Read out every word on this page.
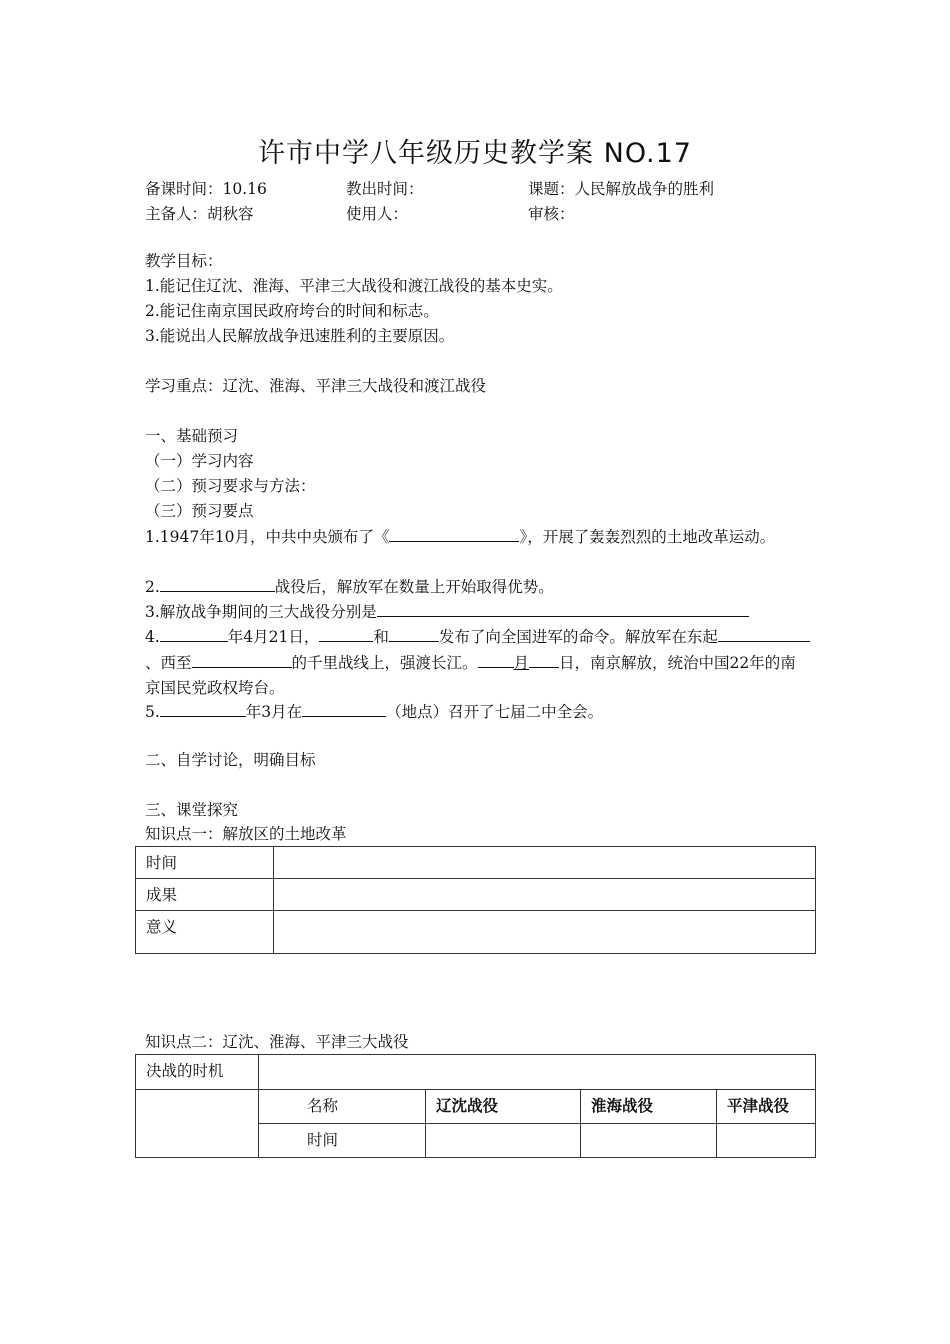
许市中学八年级历史教学案 NO.17
备课时间：10.16	教出时间：	课题：人民解放战争的胜利
主备人：胡秋容	使用人：	审核：
教学目标：
1.能记住辽沈、淮海、平津三大战役和渡江战役的基本史实。
2.能记住南京国民政府垮台的时间和标志。
3.能说出人民解放战争迅速胜利的主要原因。
学习重点：辽沈、淮海、平津三大战役和渡江战役
一、基础预习
（一）学习内容
（二）预习要求与方法：
（三）预习要点
1.1947年10月，中共中央颁布了《	》，开展了轰轰烈烈的土地改革运动。
2.	战役后，解放军在数量上开始取得优势。
3.解放战争期间的三大战役分别是
4.	年4月21日，	和	发布了向全国进军的命令。解放军在东起、西至	的千里战线上，强渡长江。 月 日，南京解放，统治中国22年的南京国民党政权垮台。
5.	年3月在	（地点）召开了七届二中全会。
二、自学讨论，明确目标
三、课堂探究
知识点一：解放区的土地改革
时间	
成果	
意义	
知识点二：辽沈、淮海、平津三大战役
决战的时机				
	名称	辽沈战役	淮海战役	平津战役
	时间			
